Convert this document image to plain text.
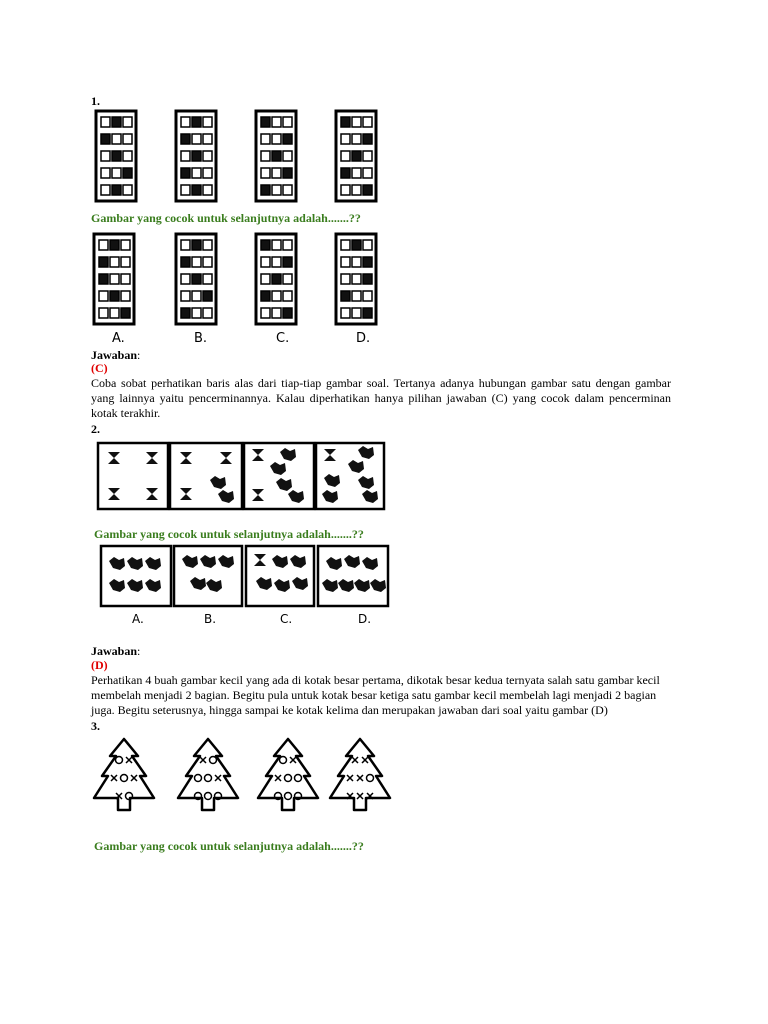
1.
Gambar yang cocok untuk selanjutnya adalah.......??
A.	B.	C.	D.
Jawaban:
(C)
Coba sobat perhatikan baris alas dari tiap-tiap gambar soal. Tertanya adanya hubungan gambar satu dengan gambar yang lainnya yaitu pencerminannya. Kalau diperhatikan hanya pilihan jawaban (C) yang cocok dalam pencerminan kotak terakhir.
2.
Gambar yang cocok untuk selanjutnya adalah.......??
A.	B.	C.	D.
Jawaban:
(D)
Perhatikan 4 buah gambar kecil yang ada di kotak besar pertama, dikotak besar kedua ternyata salah satu gambar kecil membelah menjadi 2 bagian. Begitu pula untuk kotak besar ketiga satu gambar kecil membelah lagi menjadi 2 bagian juga. Begitu seterusnya, hingga sampai ke kotak kelima dan merupakan jawaban dari soal yaitu gambar (D)
3.
Gambar yang cocok untuk selanjutnya adalah.......??
